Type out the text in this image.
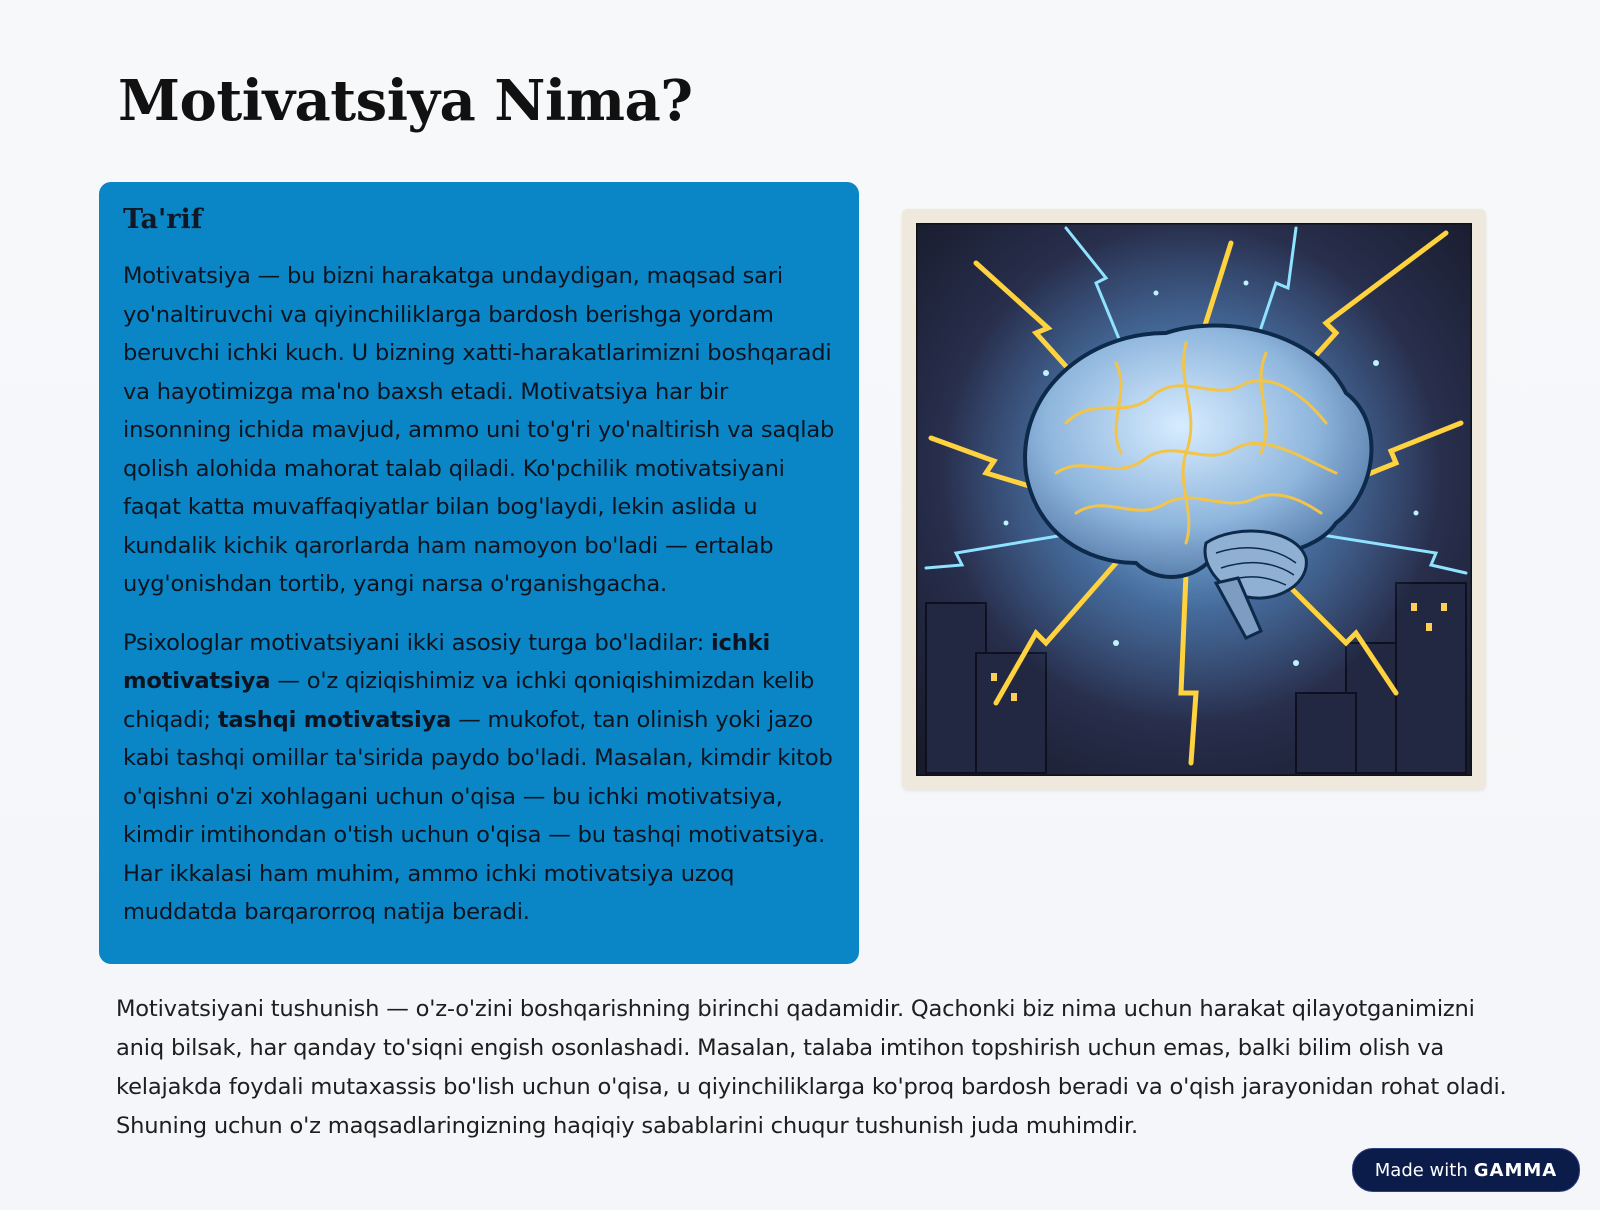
Motivatsiya Nima?
Ta'rif

Motivatsiya — bu bizni harakatga undaydigan, maqsad sari yo'naltiruvchi va qiyinchiliklarga bardosh berishga yordam beruvchi ichki kuch. U bizning xatti-harakatlarimizni boshqaradi va hayotimizga ma'no baxsh etadi. Motivatsiya har bir insonning ichida mavjud, ammo uni to'g'ri yo'naltirish va saqlab qolish alohida mahorat talab qiladi. Ko'pchilik motivatsiyani faqat katta muvaffaqiyatlar bilan bog'laydi, lekin aslida u kundalik kichik qarorlarda ham namoyon bo'ladi — ertalab uyg'onishdan tortib, yangi narsa o'rganishgacha.

Psixologlar motivatsiyani ikki asosiy turga bo'ladilar: ichki motivatsiya — o'z qiziqishimiz va ichki qoniqishimizdan kelib chiqadi; tashqi motivatsiya — mukofot, tan olinish yoki jazo kabi tashqi omillar ta'sirida paydo bo'ladi. Masalan, kimdir kitob o'qishni o'zi xohlagani uchun o'qisa — bu ichki motivatsiya, kimdir imtihondan o'tish uchun o'qisa — bu tashqi motivatsiya. Har ikkalasi ham muhim, ammo ichki motivatsiya uzoq muddatda barqarorroq natija beradi.

Motivatsiyani tushunish — o'z-o'zini boshqarishning birinchi qadamidir. Qachonki biz nima uchun harakat qilayotganimizni aniq bilsak, har qanday to'siqni engish osonlashadi. Masalan, talaba imtihon topshirish uchun emas, balki bilim olish va kelajakda foydali mutaxassis bo'lish uchun o'qisa, u qiyinchiliklarga ko'proq bardosh beradi va o'qish jarayonidan rohat oladi. Shuning uchun o'z maqsadlaringizning haqiqiy sabablarini chuqur tushunish juda muhimdir.

Made with GAMMA
